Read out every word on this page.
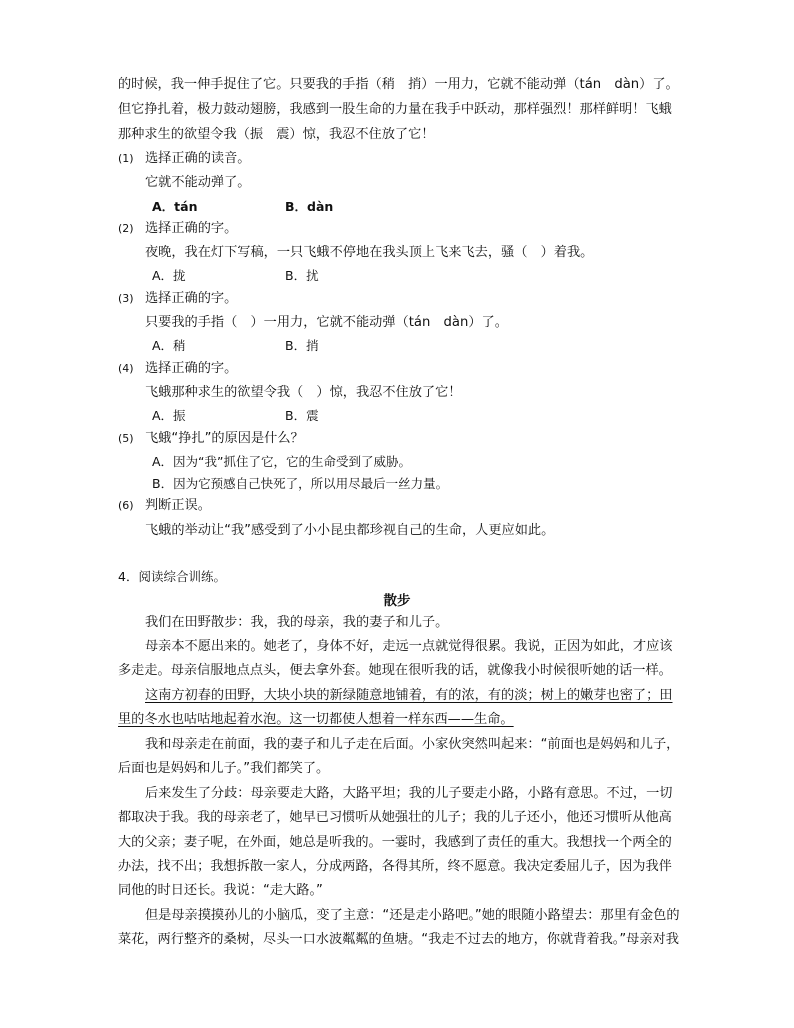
的时候，我一伸手捉住了它。只要我的手指（稍　捎）一用力，它就不能动弹（tán　dàn）了。
但它挣扎着，极力鼓动翅膀，我感到一股生命的力量在我手中跃动，那样强烈！那样鲜明！飞蛾
那种求生的欲望令我（振　震）惊，我忍不住放了它！
(1) 选择正确的读音。
它就不能动弹了。
A．tán	B．dàn
(2) 选择正确的字。
夜晚，我在灯下写稿，一只飞蛾不停地在我头顶上飞来飞去，骚（　）着我。
A．拢	B．扰
(3) 选择正确的字。
只要我的手指（　）一用力，它就不能动弹（tán　dàn）了。
A．稍	B．捎
(4) 选择正确的字。
飞蛾那种求生的欲望令我（　）惊，我忍不住放了它！
A．振	B．震
(5) 飞蛾“挣扎”的原因是什么？
A．因为“我”抓住了它，它的生命受到了威胁。
B．因为它预感自己快死了，所以用尽最后一丝力量。
(6) 判断正误。
飞蛾的举动让“我”感受到了小小昆虫都珍视自己的生命，人更应如此。
4．阅读综合训练。
散步
我们在田野散步：我，我的母亲，我的妻子和儿子。
母亲本不愿出来的。她老了，身体不好，走远一点就觉得很累。我说，正因为如此，才应该
多走走。母亲信服地点点头，便去拿外套。她现在很听我的话，就像我小时候很听她的话一样。
这南方初春的田野，大块小块的新绿随意地铺着，有的浓，有的淡；树上的嫩芽也密了；田
里的冬水也咕咕地起着水泡。这一切都使人想着一样东西——生命。
我和母亲走在前面，我的妻子和儿子走在后面。小家伙突然叫起来：“前面也是妈妈和儿子，
后面也是妈妈和儿子。”我们都笑了。
后来发生了分歧：母亲要走大路，大路平坦；我的儿子要走小路，小路有意思。不过，一切
都取决于我。我的母亲老了，她早已习惯听从她强壮的儿子；我的儿子还小，他还习惯听从他高
大的父亲；妻子呢，在外面，她总是听我的。一霎时，我感到了责任的重大。我想找一个两全的
办法，找不出；我想拆散一家人，分成两路，各得其所，终不愿意。我决定委屈儿子，因为我伴
同他的时日还长。我说：“走大路。”
但是母亲摸摸孙儿的小脑瓜，变了主意：“还是走小路吧。”她的眼随小路望去：那里有金色的
菜花，两行整齐的桑树，尽头一口水波粼粼的鱼塘。“我走不过去的地方，你就背着我。”母亲对我
